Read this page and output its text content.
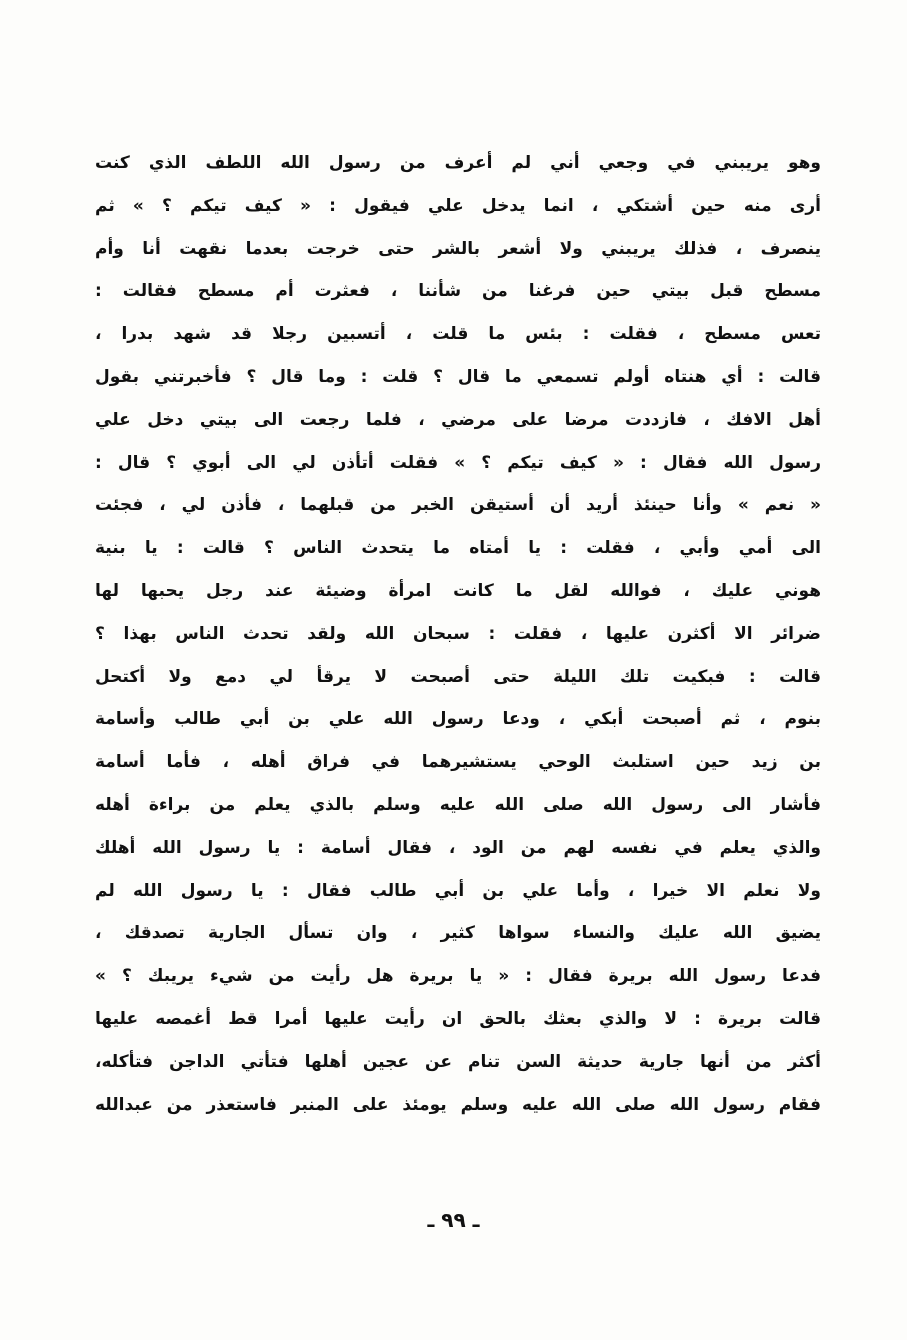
وهو يريبني في وجعي أني لم أعرف من رسول الله اللطف الذي كنت
أرى منه حين أشتكي ، انما يدخل علي فيقول : « كيف تيكم ؟ » ثم
ينصرف ، فذلك يريبني ولا أشعر بالشر حتى خرجت بعدما نقهت أنا وأم
مسطح قبل بيتي حين فرغنا من شأننا ، فعثرت أم مسطح فقالت :
تعس مسطح ، فقلت : بئس ما قلت ، أتسبين رجلا قد شهد بدرا ،
قالت : أي هنتاه أولم تسمعي ما قال ؟ قلت : وما قال ؟ فأخبرتني بقول
أهل الافك ، فازددت مرضا على مرضي ، فلما رجعت الى بيتي دخل علي
رسول الله فقال : « كيف تيكم ؟ » فقلت أتأذن لي الى أبوي ؟ قال :
« نعم » وأنا حينئذ أريد أن أستيقن الخبر من قبلهما ، فأذن لي ، فجئت
الى أمي وأبي ، فقلت : يا أمتاه ما يتحدث الناس ؟ قالت : يا بنية
هوني عليك ، فوالله لقل ما كانت امرأة وضيئة عند رجل يحبها لها
ضرائر الا أكثرن عليها ، فقلت : سبحان الله ولقد تحدث الناس بهذا ؟
قالت : فبكيت تلك الليلة حتى أصبحت لا يرقأ لي دمع ولا أكتحل
بنوم ، ثم أصبحت أبكي ، ودعا رسول الله علي بن أبي طالب وأسامة
بن زيد حين استلبث الوحي يستشيرهما في فراق أهله ، فأما أسامة
فأشار الى رسول الله صلى الله عليه وسلم بالذي يعلم من براءة أهله
والذي يعلم في نفسه لهم من الود ، فقال أسامة : يا رسول الله أهلك
ولا نعلم الا خيرا ، وأما علي بن أبي طالب فقال : يا رسول الله لم
يضيق الله عليك والنساء سواها كثير ، وان تسأل الجارية تصدقك ،
فدعا رسول الله بريرة فقال : « يا بريرة هل رأيت من شيء يريبك ؟ »
قالت بريرة : لا والذي بعثك بالحق ان رأيت عليها أمرا قط أغمصه عليها
أكثر من أنها جارية حديثة السن تنام عن عجين أهلها فتأتي الداجن فتأكله،
فقام رسول الله صلى الله عليه وسلم يومئذ على المنبر فاستعذر من عبدالله
ـ ٩٩ ـ
